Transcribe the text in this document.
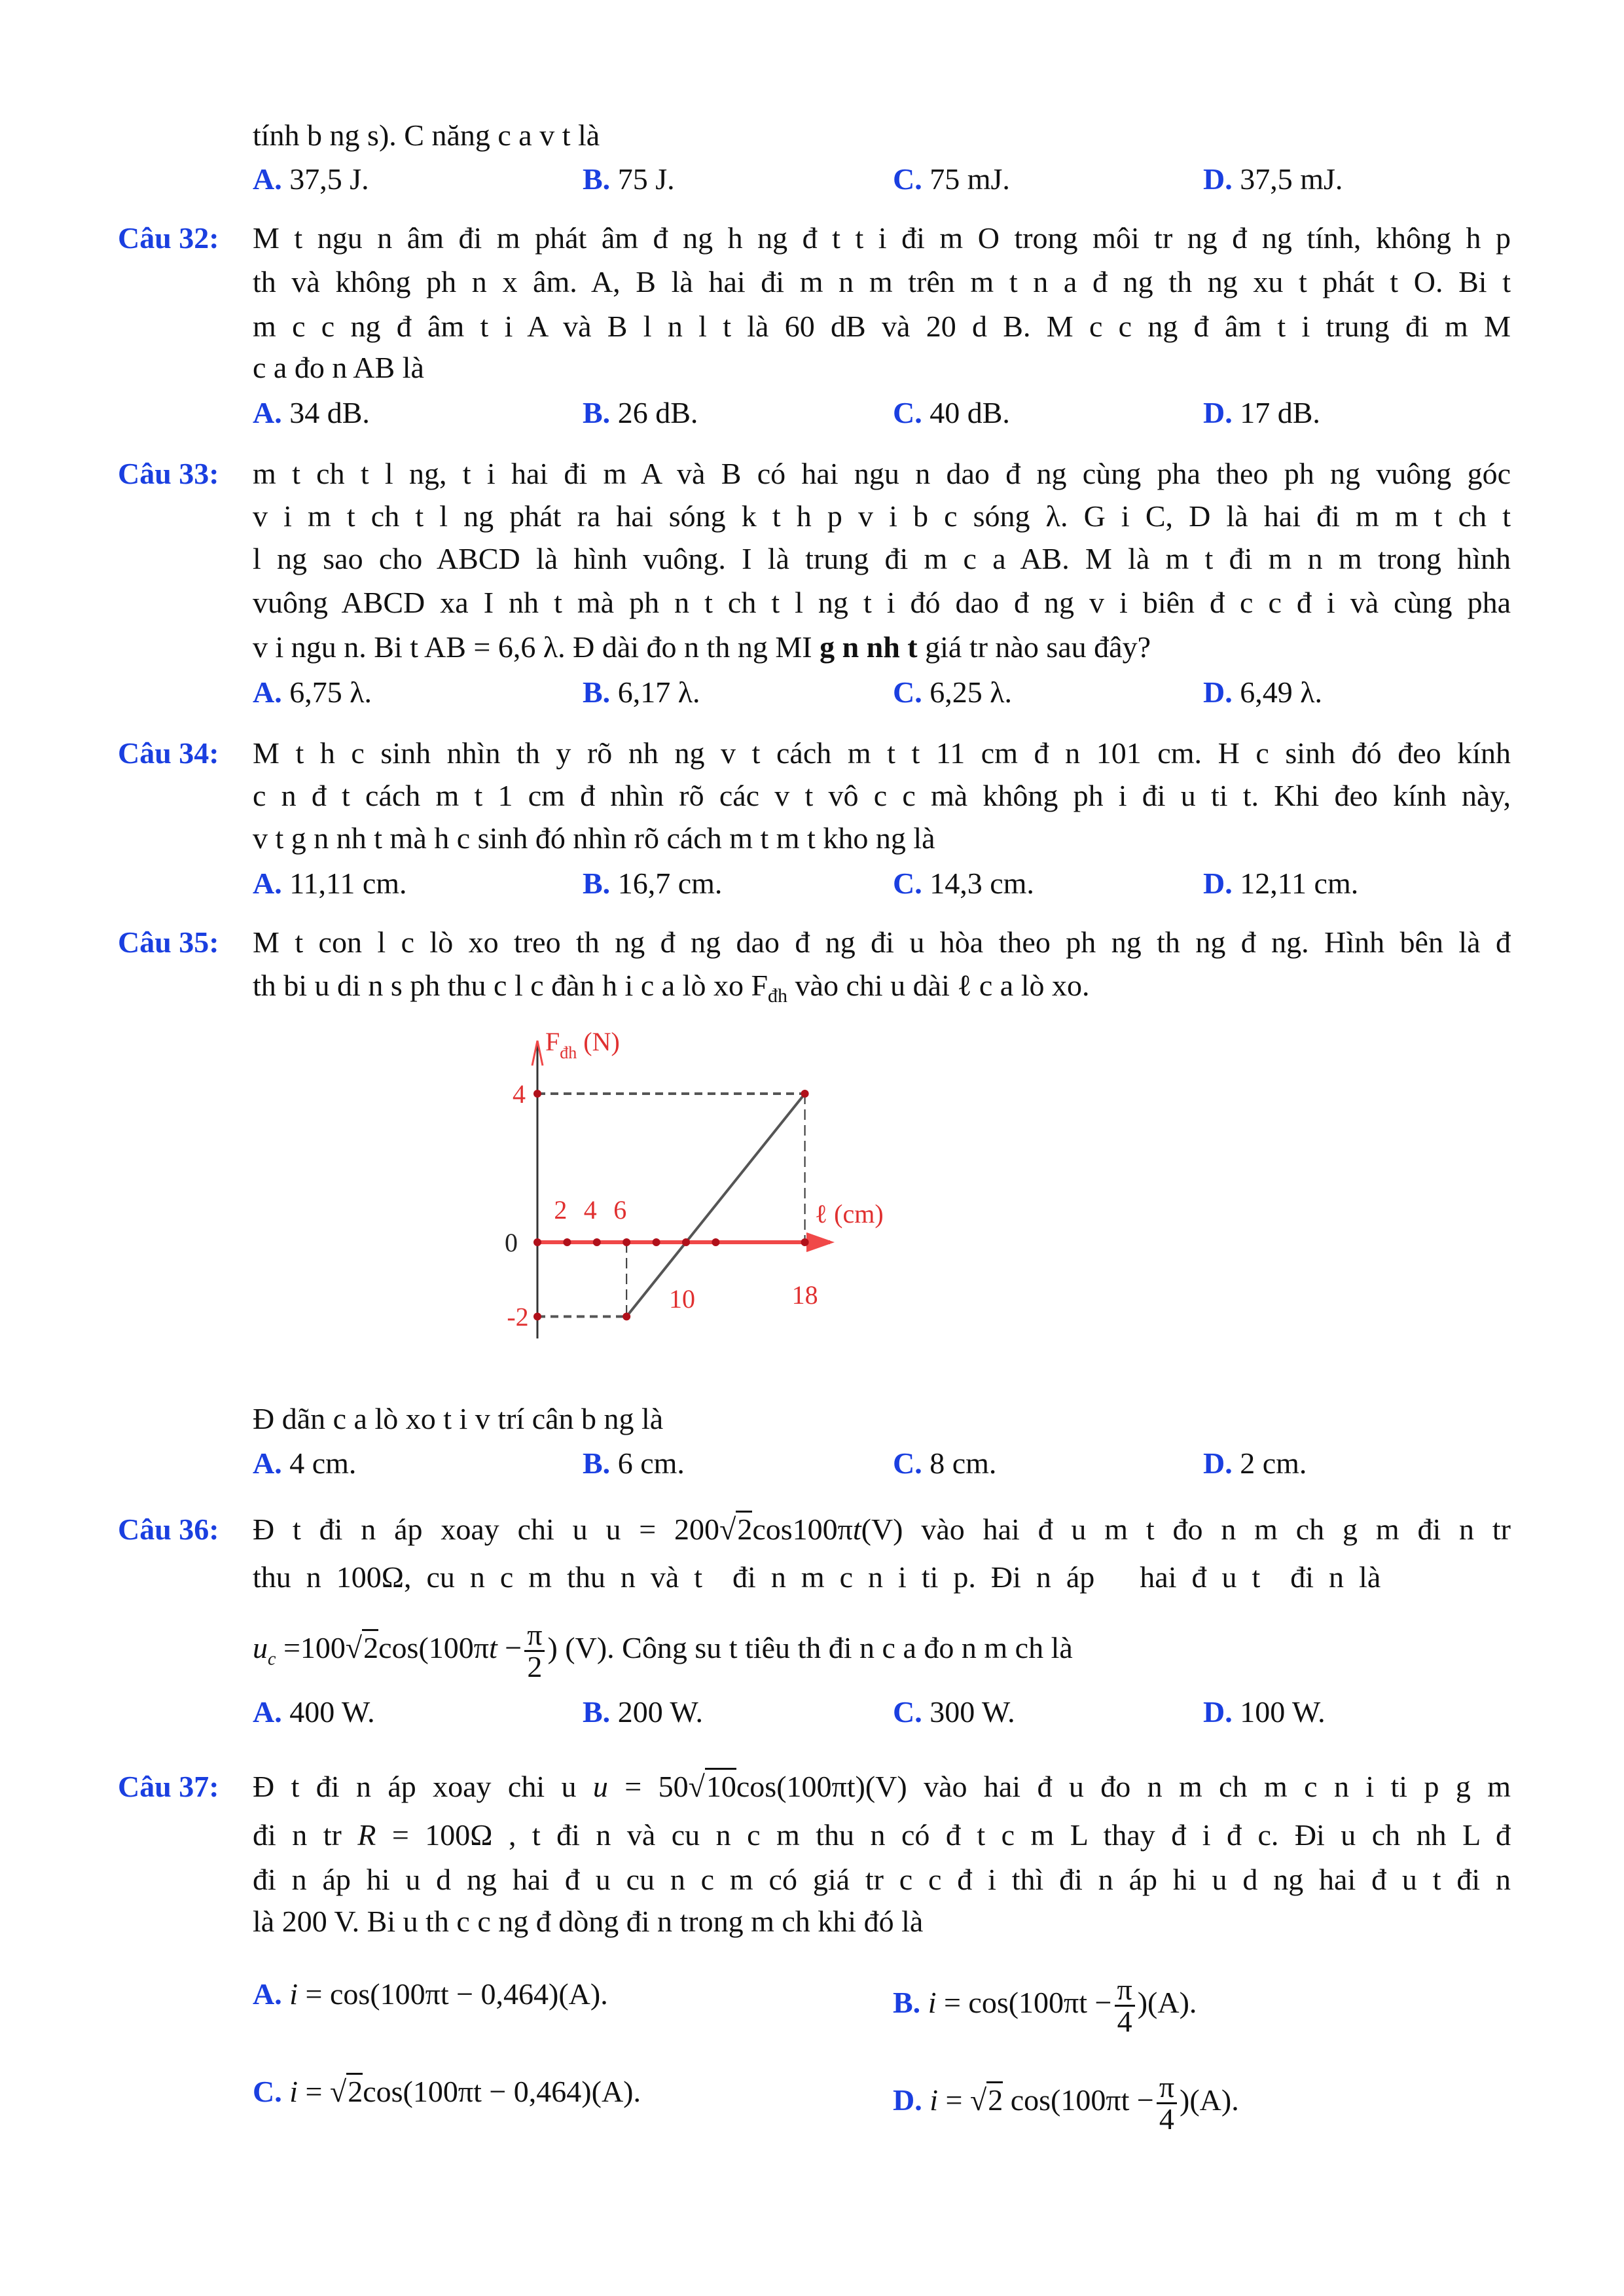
tính b ng s). C năng c a v t là
A. 37,5 J.	B. 75 J.	C. 75 mJ.	D. 37,5 mJ.
Câu 32: M t ngu n âm đi m phát âm đ ng h ng đ t t i đi m O trong môi tr ng đ ng tính, không h p
th và không ph n x âm. A, B là hai đi m n m trên m t n a đ ng th ng xu t phát t O. Bi t
m c c ng đ âm t i A và B l n l t là 60 dB và 20 d B. M c c ng đ âm t i trung đi m M
c a đo n AB là
A. 34 dB.	B. 26 dB.	C. 40 dB.	D. 17 dB.
Câu 33: m t ch t l ng, t i hai đi m A và B có hai ngu n dao đ ng cùng pha theo ph ng vuông góc
v i m t ch t l ng phát ra hai sóng k t h p v i b c sóng λ. G i C, D là hai đi m m t ch t
l ng sao cho ABCD là hình vuông. I là trung đi m c a AB. M là m t đi m n m trong hình
vuông ABCD xa I nh t mà ph n t ch t l ng t i đó dao đ ng v i biên đ c c đ i và cùng pha
v i ngu n. Bi t AB = 6,6 λ. Đ dài đo n th ng MI g n nh t giá tr nào sau đây?
A. 6,75 λ.	B. 6,17 λ.	C. 6,25 λ.	D. 6,49 λ.
Câu 34: M t h c sinh nhìn th y rõ nh ng v t cách m t t 11 cm đ n 101 cm. H c sinh đó đeo kính
c n đ t cách m t 1 cm đ nhìn rõ các v t vô c c mà không ph i đi u ti t. Khi đeo kính này,
v t g n nh t mà h c sinh đó nhìn rõ cách m t m t kho ng là
A. 11,11 cm.	B. 16,7 cm.	C. 14,3 cm.	D. 12,11 cm.
Câu 35: M t con l c lò xo treo th ng đ ng dao đ ng đi u hòa theo ph ng th ng đ ng. Hình bên là đ
th bi u di n s ph thu c l c đàn h i c a lò xo $F_{đh}$ vào chi u dài ℓ c a lò xo.
$F_{đh}$ (N)
4
-2
0
2 4 6
10	18
ℓ (cm)
Đ dãn c a lò xo t i v trí cân b ng là
A. 4 cm.	B. 6 cm.	C. 8 cm.	D. 2 cm.
Câu 36: Đ t đi n áp xoay chi u u = 200√2cos100πt(V) vào hai đ u m t đo n m ch g m đi n tr
thu  n  100Ω,  cu  n  c  m  thu  n  và  t    đi  n  m  c  n  i  ti  p.  Đi  n  áp      hai  đ  u  t    đi  n  là
$u_c =100√2\cos(100\pi t - \frac{\pi}{2}$ ) (V). Công su t tiêu th đi n c a đo n m ch là
A. 400 W.	B. 200 W.	C. 300 W.	D. 100 W.
Câu 37: Đ t đi n áp xoay chi u u = 50√10cos(100πt)(V) vào hai đ u đo n m ch m c n i ti p g m
đi n tr R = 100Ω , t đi n và cu n c m thu n có đ t c m L thay đ i đ c. Đi u ch nh L đ
đi n áp hi u d ng hai đ u cu n c m có giá tr c c đ i thì đi n áp hi u d ng hai đ u t đi n
là 200 V. Bi u th c c ng đ dòng đi n trong m ch khi đó là
A. i = cos(100πt − 0,464)(A).	B. $i = \cos(100\pi t - \frac{\pi}{4} )(A)$.
C. i = √2cos(100πt − 0,464)(A).	D. i = √2 $\cos(100\pi t - \frac{\pi}{4} )(A)$.
